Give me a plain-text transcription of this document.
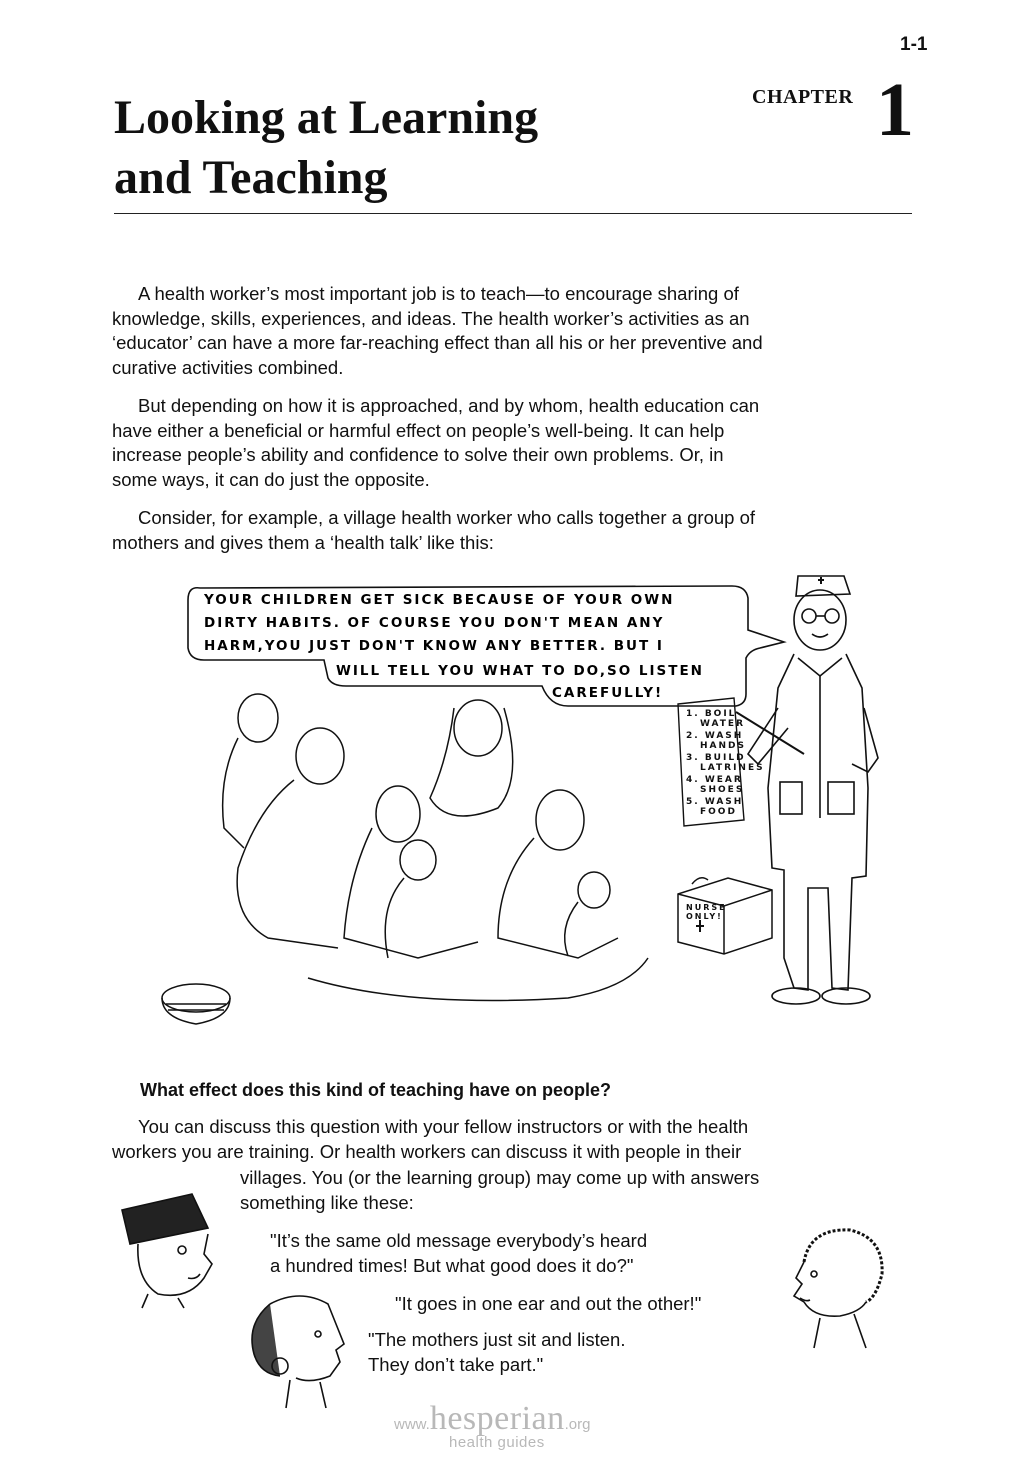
1-1
CHAPTER 1
Looking at Learning
and Teaching
A health worker’s most important job is to teach—to encourage sharing of
knowledge, skills, experiences, and ideas. The health worker’s activities as an
‘educator’ can have a more far-reaching effect than all his or her preventive and
curative activities combined.
But depending on how it is approached, and by whom, health education can
have either a beneficial or harmful effect on people’s well-being. It can help
increase people’s ability and confidence to solve their own problems. Or, in
some ways, it can do just the opposite.
Consider, for example, a village health worker who calls together a group of
mothers and gives them a ‘health talk’ like this:
YOUR CHILDREN GET SICK BECAUSE OF YOUR OWN
DIRTY HABITS. OF COURSE YOU DON'T MEAN ANY
HARM,YOU JUST DON'T KNOW ANY BETTER. BUT I
WILL TELL YOU WHAT TO DO,SO LISTEN
CAREFULLY!
1. BOIL
WATER
2. WASH
HANDS
3. BUILD
LATRINES
4. WEAR
SHOES
5. WASH
FOOD
NURSE
ONLY!
What effect does this kind of teaching have on people?
You can discuss this question with your fellow instructors or with the health
workers you are training. Or health workers can discuss it with people in their
villages. You (or the learning group) may come up with answers
something like these:
"It’s the same old message everybody’s heard
a hundred times! But what good does it do?"
"It goes in one ear and out the other!"
"The mothers just sit and listen.
They don’t take part."
www.hesperian.org
health guides
